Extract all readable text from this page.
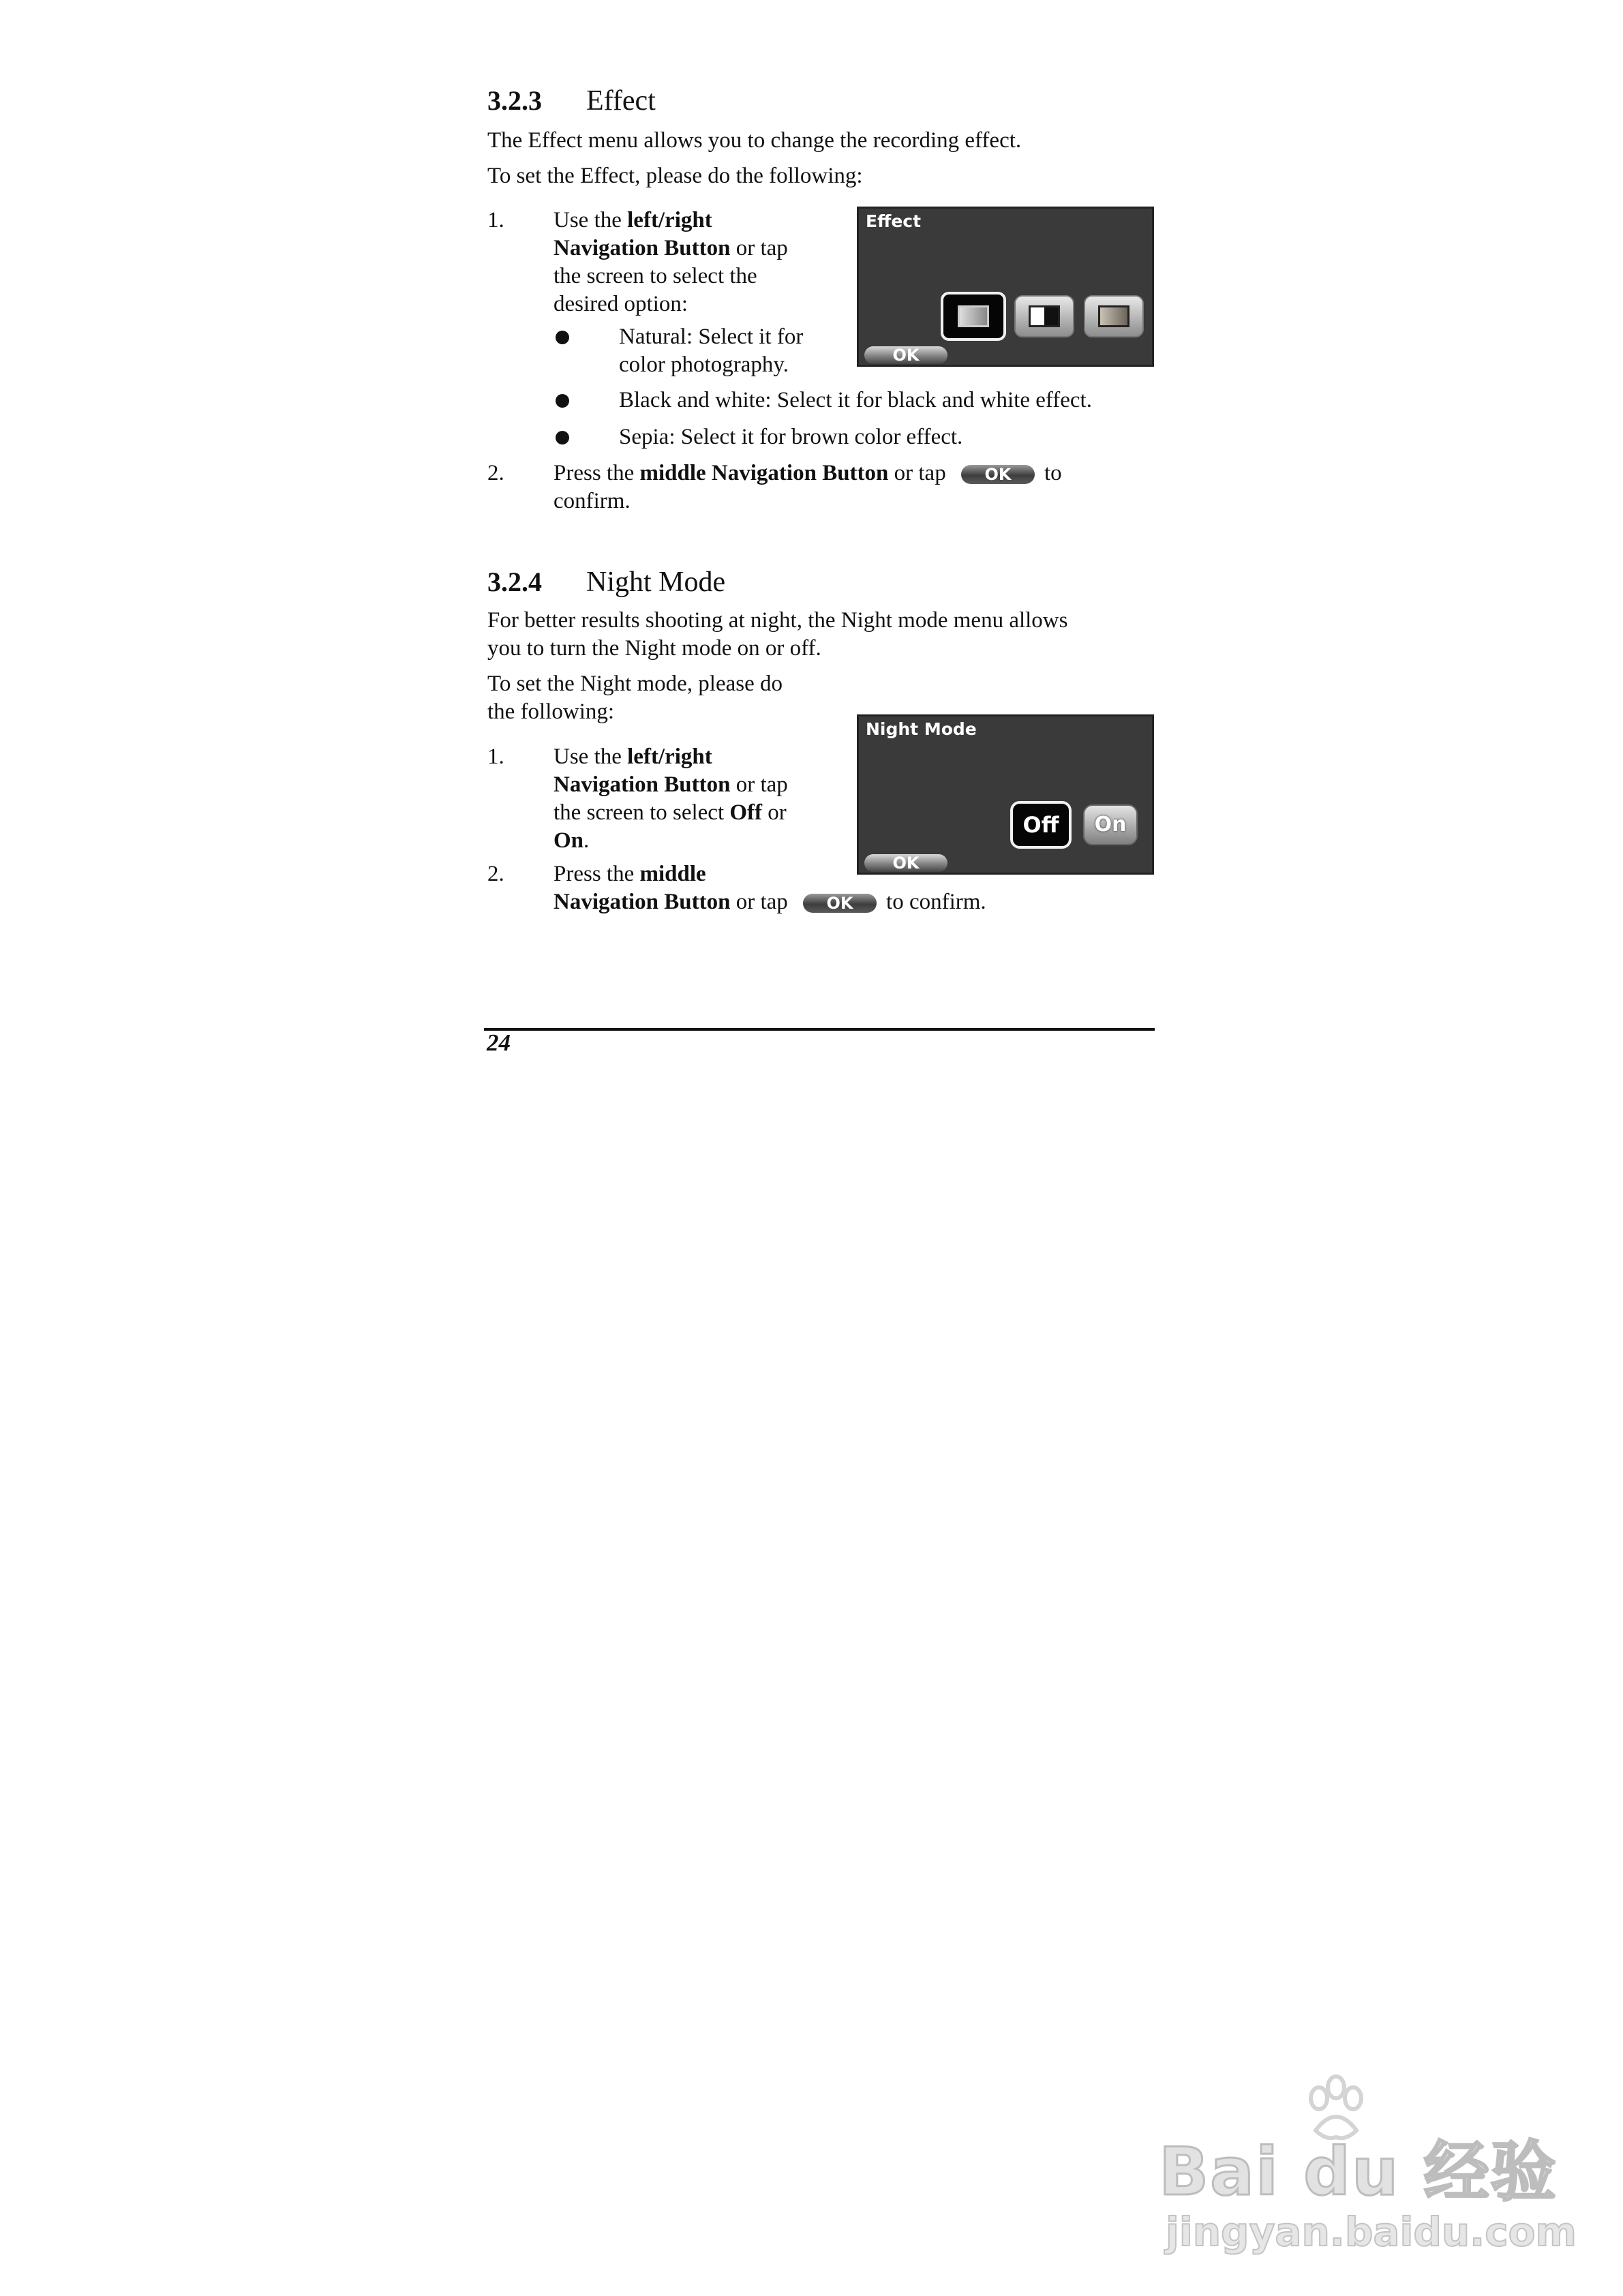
3.2.3 Effect
The Effect menu allows you to change the recording effect.
To set the Effect, please do the following:
1. Use the left/right
Navigation Button or tap
the screen to select the
desired option:
Natural: Select it for
color photography.
Black and white: Select it for black and white effect.
Sepia: Select it for brown color effect.
2. Press the middle Navigation Button or tap OK to
confirm.
Effect
OK
3.2.4 Night Mode
For better results shooting at night, the Night mode menu allows
you to turn the Night mode on or off.
To set the Night mode, please do
the following:
1. Use the left/right
Navigation Button or tap
the screen to select Off or
On.
2. Press the middle
Navigation Button or tap OK to confirm.
Night Mode
Off	On
OK
24
Bai du 经验
jingyan.baidu.com
